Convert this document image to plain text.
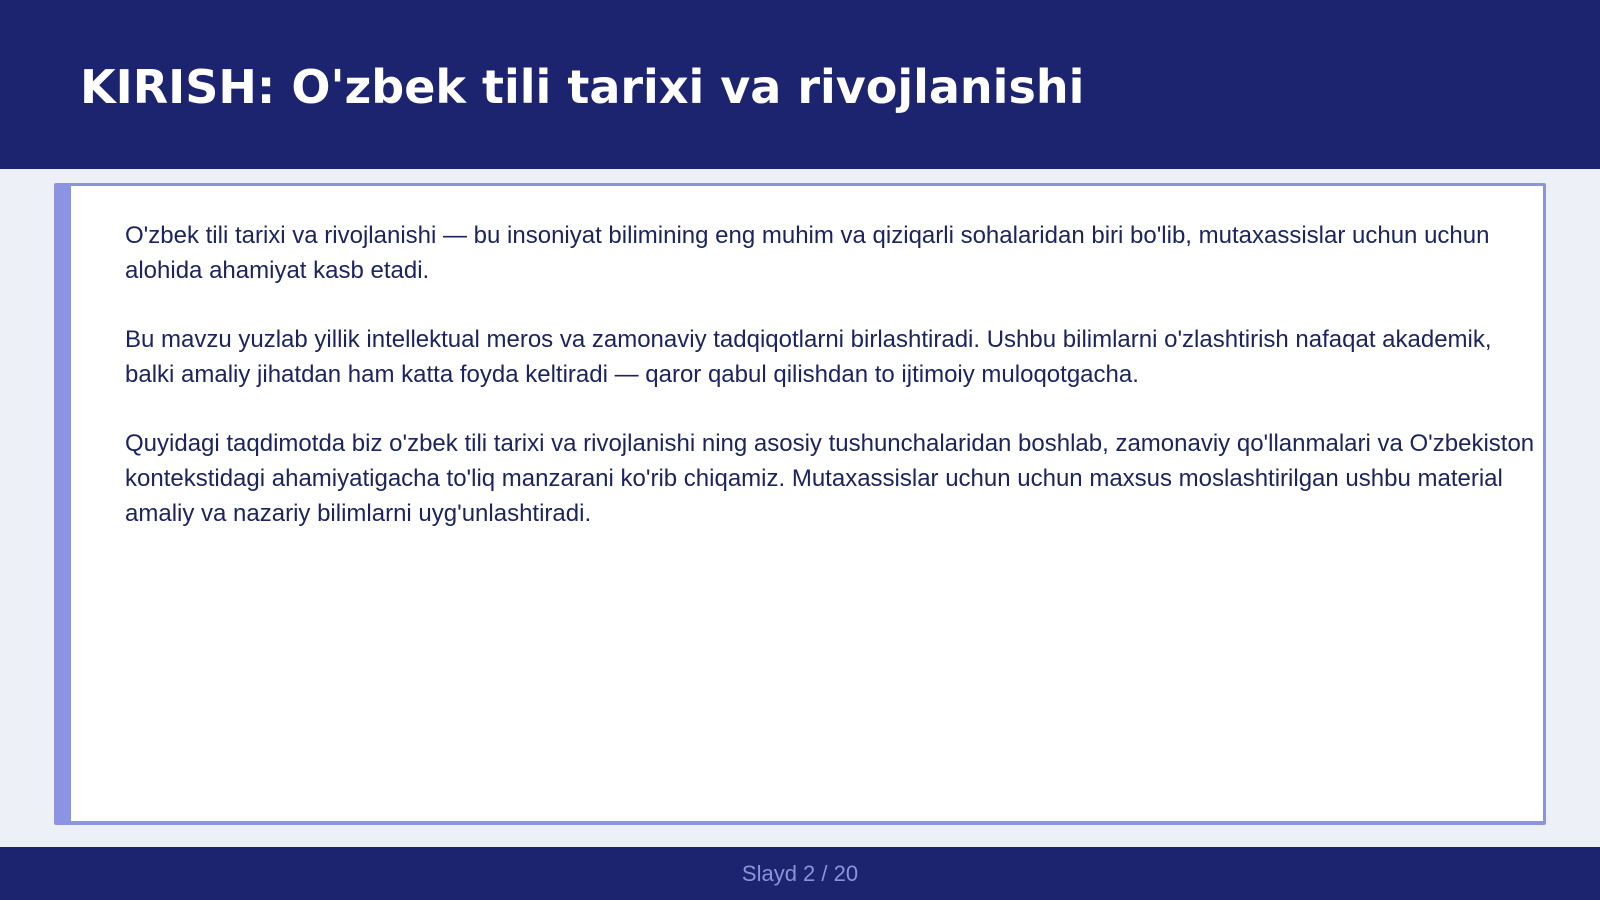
KIRISH: O'zbek tili tarixi va rivojlanishi

O'zbek tili tarixi va rivojlanishi — bu insoniyat bilimining eng muhim va qiziqarli sohalaridan biri bo'lib, mutaxassislar uchun uchun alohida ahamiyat kasb etadi.

Bu mavzu yuzlab yillik intellektual meros va zamonaviy tadqiqotlarni birlashtiradi. Ushbu bilimlarni o'zlashtirish nafaqat akademik, balki amaliy jihatdan ham katta foyda keltiradi — qaror qabul qilishdan to ijtimoiy muloqotgacha.

Quyidagi taqdimotda biz o'zbek tili tarixi va rivojlanishi ning asosiy tushunchalaridan boshlab, zamonaviy qo'llanmalari va O'zbekiston kontekstidagi ahamiyatigacha to'liq manzarani ko'rib chiqamiz. Mutaxassislar uchun uchun maxsus moslashtirilgan ushbu material amaliy va nazariy bilimlarni uyg'unlashtiradi.

Slayd 2 / 20
